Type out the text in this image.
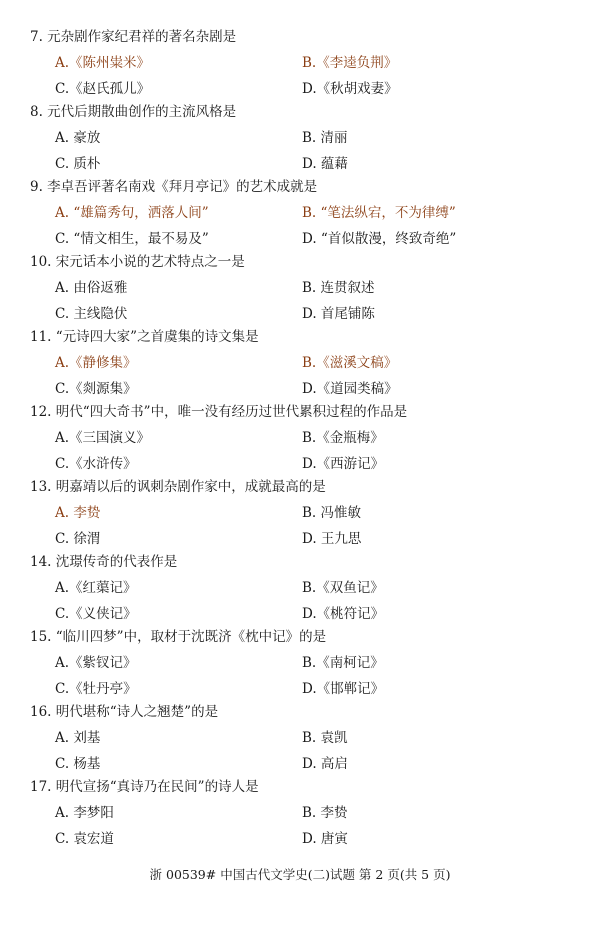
7. 元杂剧作家纪君祥的著名杂剧是
A.《陈州粜米》	B.《李逵负荆》
C.《赵氏孤儿》	D.《秋胡戏妻》
8. 元代后期散曲创作的主流风格是
A. 豪放	B. 清丽
C. 质朴	D. 蕴藉
9. 李卓吾评著名南戏《拜月亭记》的艺术成就是
A. “雄篇秀句，洒落人间”	B. “笔法纵宕，不为律缚”
C. “情文相生，最不易及”	D. “首似散漫，终致奇绝”
10. 宋元话本小说的艺术特点之一是
A. 由俗返雅	B. 连贯叙述
C. 主线隐伏	D. 首尾铺陈
11. “元诗四大家”之首虞集的诗文集是
A.《静修集》	B.《滋溪文稿》
C.《剡源集》	D.《道园类稿》
12. 明代“四大奇书”中，唯一没有经历过世代累积过程的作品是
A.《三国演义》	B.《金瓶梅》
C.《水浒传》	D.《西游记》
13. 明嘉靖以后的讽刺杂剧作家中，成就最高的是
A. 李贽	B. 冯惟敏
C. 徐渭	D. 王九思
14. 沈璟传奇的代表作是
A.《红蕖记》	B.《双鱼记》
C.《义侠记》	D.《桃符记》
15. “临川四梦”中，取材于沈既济《枕中记》的是
A.《紫钗记》	B.《南柯记》
C.《牡丹亭》	D.《邯郸记》
16. 明代堪称“诗人之翘楚”的是
A. 刘基	B. 袁凯
C. 杨基	D. 高启
17. 明代宣扬“真诗乃在民间”的诗人是
A. 李梦阳	B. 李贽
C. 袁宏道	D. 唐寅
浙 00539# 中国古代文学史(二)试题 第 2 页(共 5 页)
